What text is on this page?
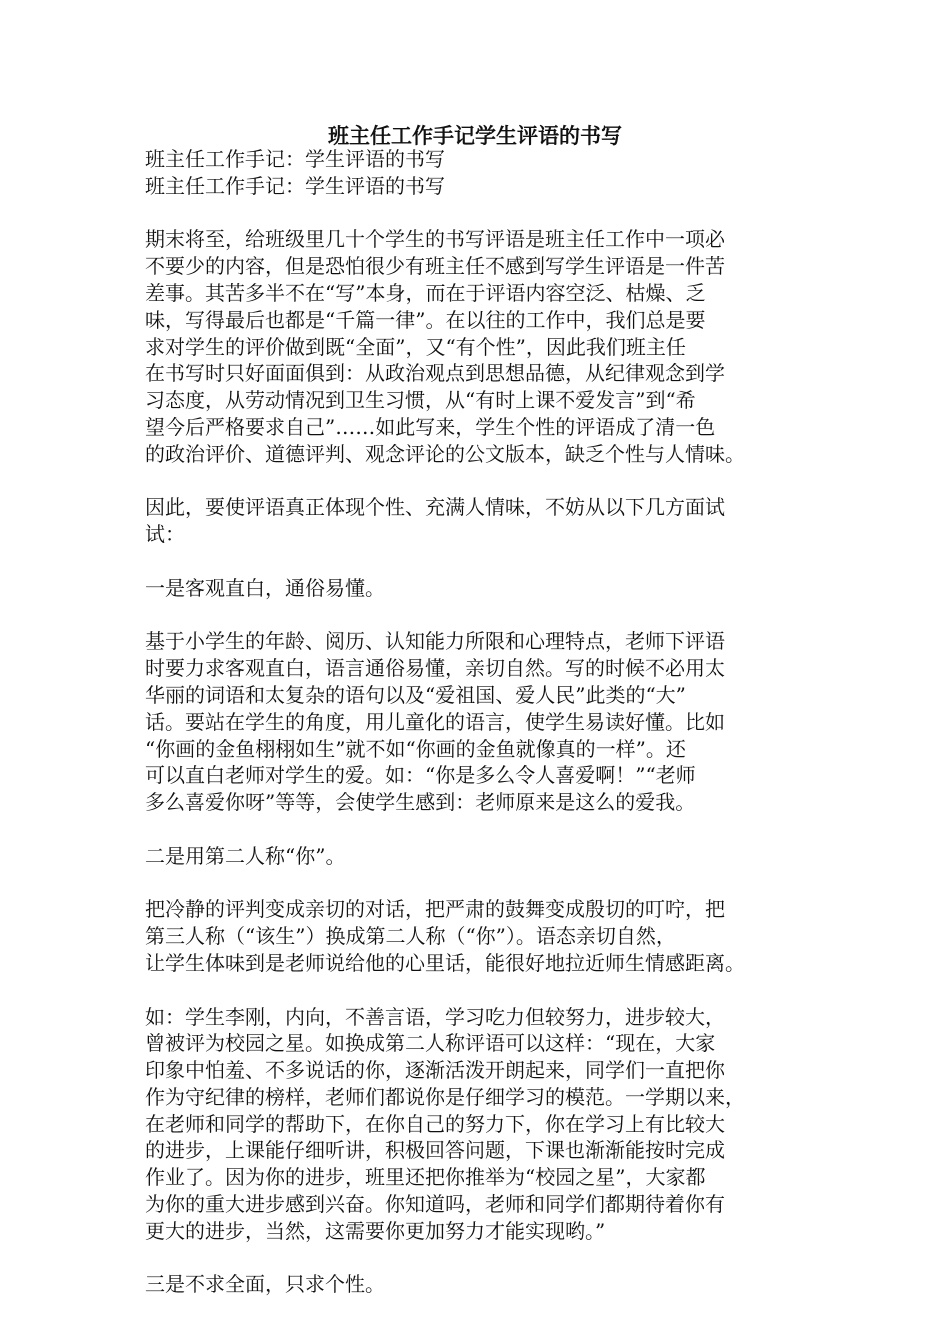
班主任工作手记学生评语的书写
班主任工作手记：学生评语的书写
班主任工作手记：学生评语的书写
期末将至，给班级里几十个学生的书写评语是班主任工作中一项必
不要少的内容，但是恐怕很少有班主任不感到写学生评语是一件苦
差事。其苦多半不在“写”本身，而在于评语内容空泛、枯燥、乏
味，写得最后也都是“千篇一律”。在以往的工作中，我们总是要
求对学生的评价做到既“全面”，又“有个性”，因此我们班主任
在书写时只好面面俱到：从政治观点到思想品德，从纪律观念到学
习态度，从劳动情况到卫生习惯，从“有时上课不爱发言”到“希
望今后严格要求自己”……如此写来，学生个性的评语成了清一色
的政治评价、道德评判、观念评论的公文版本，缺乏个性与人情味。
因此，要使评语真正体现个性、充满人情味，不妨从以下几方面试
试：
一是客观直白，通俗易懂。
基于小学生的年龄、阅历、认知能力所限和心理特点，老师下评语
时要力求客观直白，语言通俗易懂，亲切自然。写的时候不必用太
华丽的词语和太复杂的语句以及“爱祖国、爱人民”此类的“大”
话。要站在学生的角度，用儿童化的语言，使学生易读好懂。比如
“你画的金鱼栩栩如生”就不如“你画的金鱼就像真的一样”。还
可以直白老师对学生的爱。如：“你是多么令人喜爱啊！”“老师
多么喜爱你呀”等等，会使学生感到：老师原来是这么的爱我。
二是用第二人称“你”。
把冷静的评判变成亲切的对话，把严肃的鼓舞变成殷切的叮咛，把
第三人称（“该生”）换成第二人称（“你”）。语态亲切自然，
让学生体味到是老师说给他的心里话，能很好地拉近师生情感距离。
如：学生李刚，内向，不善言语，学习吃力但较努力，进步较大，
曾被评为校园之星。如换成第二人称评语可以这样：“现在，大家
印象中怕羞、不多说话的你，逐渐活泼开朗起来，同学们一直把你
作为守纪律的榜样，老师们都说你是仔细学习的模范。一学期以来，
在老师和同学的帮助下，在你自己的努力下，你在学习上有比较大
的进步，上课能仔细听讲，积极回答问题，下课也渐渐能按时完成
作业了。因为你的进步，班里还把你推举为“校园之星”，大家都
为你的重大进步感到兴奋。你知道吗，老师和同学们都期待着你有
更大的进步，当然，这需要你更加努力才能实现哟。”
三是不求全面，只求个性。
